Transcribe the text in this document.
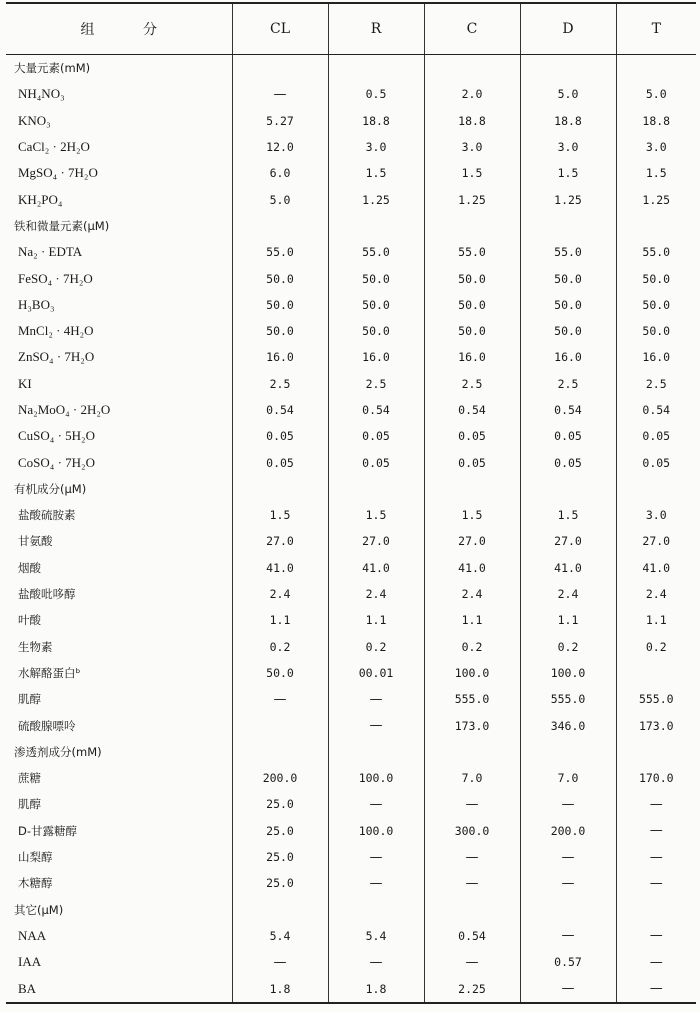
组 分	CL	R	C	D	T
大量元素(mM)					
NH₄NO₃	—	0.5	2.0	5.0	5.0
KNO₃	5.27	18.8	18.8	18.8	18.8
CaCl₂ · 2H₂O	12.0	3.0	3.0	3.0	3.0
MgSO₄ · 7H₂O	6.0	1.5	1.5	1.5	1.5
KH₂PO₄	5.0	1.25	1.25	1.25	1.25
铁和微量元素(μM)					
Na₂ · EDTA	55.0	55.0	55.0	55.0	55.0
FeSO₄ · 7H₂O	50.0	50.0	50.0	50.0	50.0
H₃BO₃	50.0	50.0	50.0	50.0	50.0
MnCl₂ · 4H₂O	50.0	50.0	50.0	50.0	50.0
ZnSO₄ · 7H₂O	16.0	16.0	16.0	16.0	16.0
KI	2.5	2.5	2.5	2.5	2.5
Na₂MoO₄ · 2H₂O	0.54	0.54	0.54	0.54	0.54
CuSO₄ · 5H₂O	0.05	0.05	0.05	0.05	0.05
CoSO₄ · 7H₂O	0.05	0.05	0.05	0.05	0.05
有机成分(μM)					
盐酸硫胺素	1.5	1.5	1.5	1.5	3.0
甘氨酸	27.0	27.0	27.0	27.0	27.0
烟酸	41.0	41.0	41.0	41.0	41.0
盐酸吡哆醇	2.4	2.4	2.4	2.4	2.4
叶酸	1.1	1.1	1.1	1.1	1.1
生物素	0.2	0.2	0.2	0.2	0.2
水解酪蛋白ᵇ	50.0	00.01	100.0	100.0	
肌醇	—	—	555.0	555.0	555.0
硫酸腺嘌呤		—	173.0	346.0	173.0
渗透剂成分(mM)					
蔗糖	200.0	100.0	7.0	7.0	170.0
肌醇	25.0	—	—	—	—
D-甘露糖醇	25.0	100.0	300.0	200.0	—
山梨醇	25.0	—	—	—	—
木糖醇	25.0	—	—	—	—
其它(μM)					
NAA	5.4	5.4	0.54	—	—
IAA	—	—	—	0.57	—
BA	1.8	1.8	2.25	—	—
